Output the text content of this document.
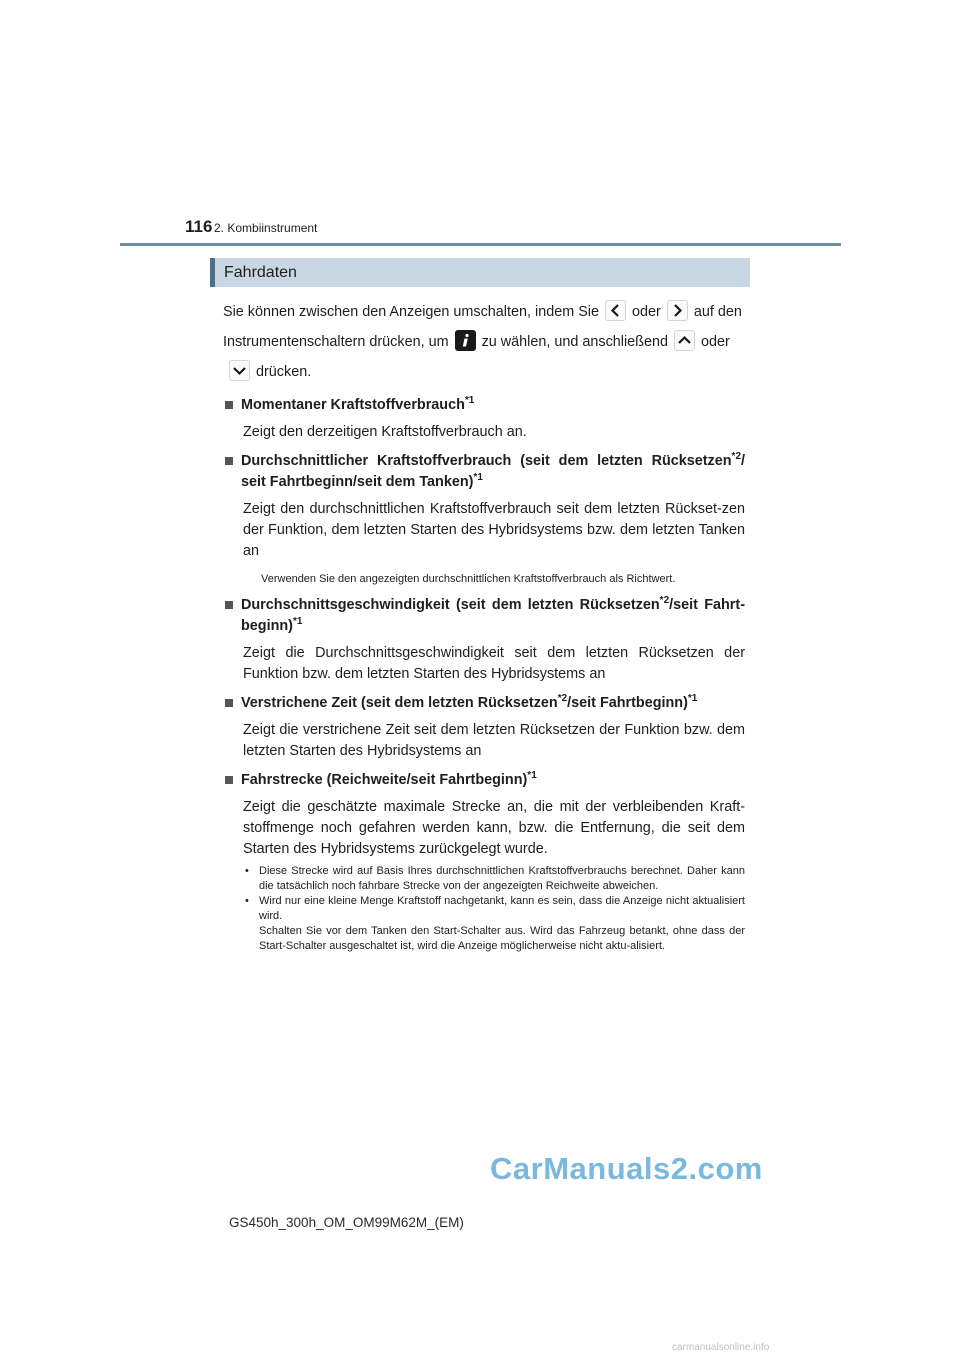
116 2. Kombiinstrument
Fahrdaten

Sie können zwischen den Anzeigen umschalten, indem Sie oder auf den Instrumentenschaltern drücken, um zu wählen, und anschließend oder
drücken.

Momentaner Kraftstoffverbrauch$^{*1}$

Zeigt den derzeitigen Kraftstoffverbrauch an.

Durchschnittlicher Kraftstoffverbrauch (seit dem letzten Rücksetzen$^{*2}$/ seit Fahrtbeginn/seit dem Tanken)$^{*1}$

Zeigt den durchschnittlichen Kraftstoffverbrauch seit dem letzten Rückset-zen der Funktion, dem letzten Starten des Hybridsystems bzw. dem letzten Tanken an

Verwenden Sie den angezeigten durchschnittlichen Kraftstoffverbrauch als Richtwert.

Durchschnittsgeschwindigkeit (seit dem letzten Rücksetzen$^{*2}$/seit Fahrt-beginn)$^{*1}$

Zeigt die Durchschnittsgeschwindigkeit seit dem letzten Rücksetzen der Funktion bzw. dem letzten Starten des Hybridsystems an

Verstrichene Zeit (seit dem letzten Rücksetzen$^{*2}$/seit Fahrtbeginn)$^{*1}$

Zeigt die verstrichene Zeit seit dem letzten Rücksetzen der Funktion bzw. dem letzten Starten des Hybridsystems an

Fahrstrecke (Reichweite/seit Fahrtbeginn)$^{*1}$

Zeigt die geschätzte maximale Strecke an, die mit der verbleibenden Kraft-stoffmenge noch gefahren werden kann, bzw. die Entfernung, die seit dem Starten des Hybridsystems zurückgelegt wurde.

• Diese Strecke wird auf Basis Ihres durchschnittlichen Kraftstoffverbrauchs berechnet. Daher kann die tatsächlich noch fahrbare Strecke von der angezeigten Reichweite abweichen.
• Wird nur eine kleine Menge Kraftstoff nachgetankt, kann es sein, dass die Anzeige nicht aktualisiert wird.
Schalten Sie vor dem Tanken den Start-Schalter aus. Wird das Fahrzeug betankt, ohne dass der Start-Schalter ausgeschaltet ist, wird die Anzeige möglicherweise nicht aktu-alisiert.
GS450h_300h_OM_OM99M62M_(EM)
CarManuals2.com
carmanualsonline.info
